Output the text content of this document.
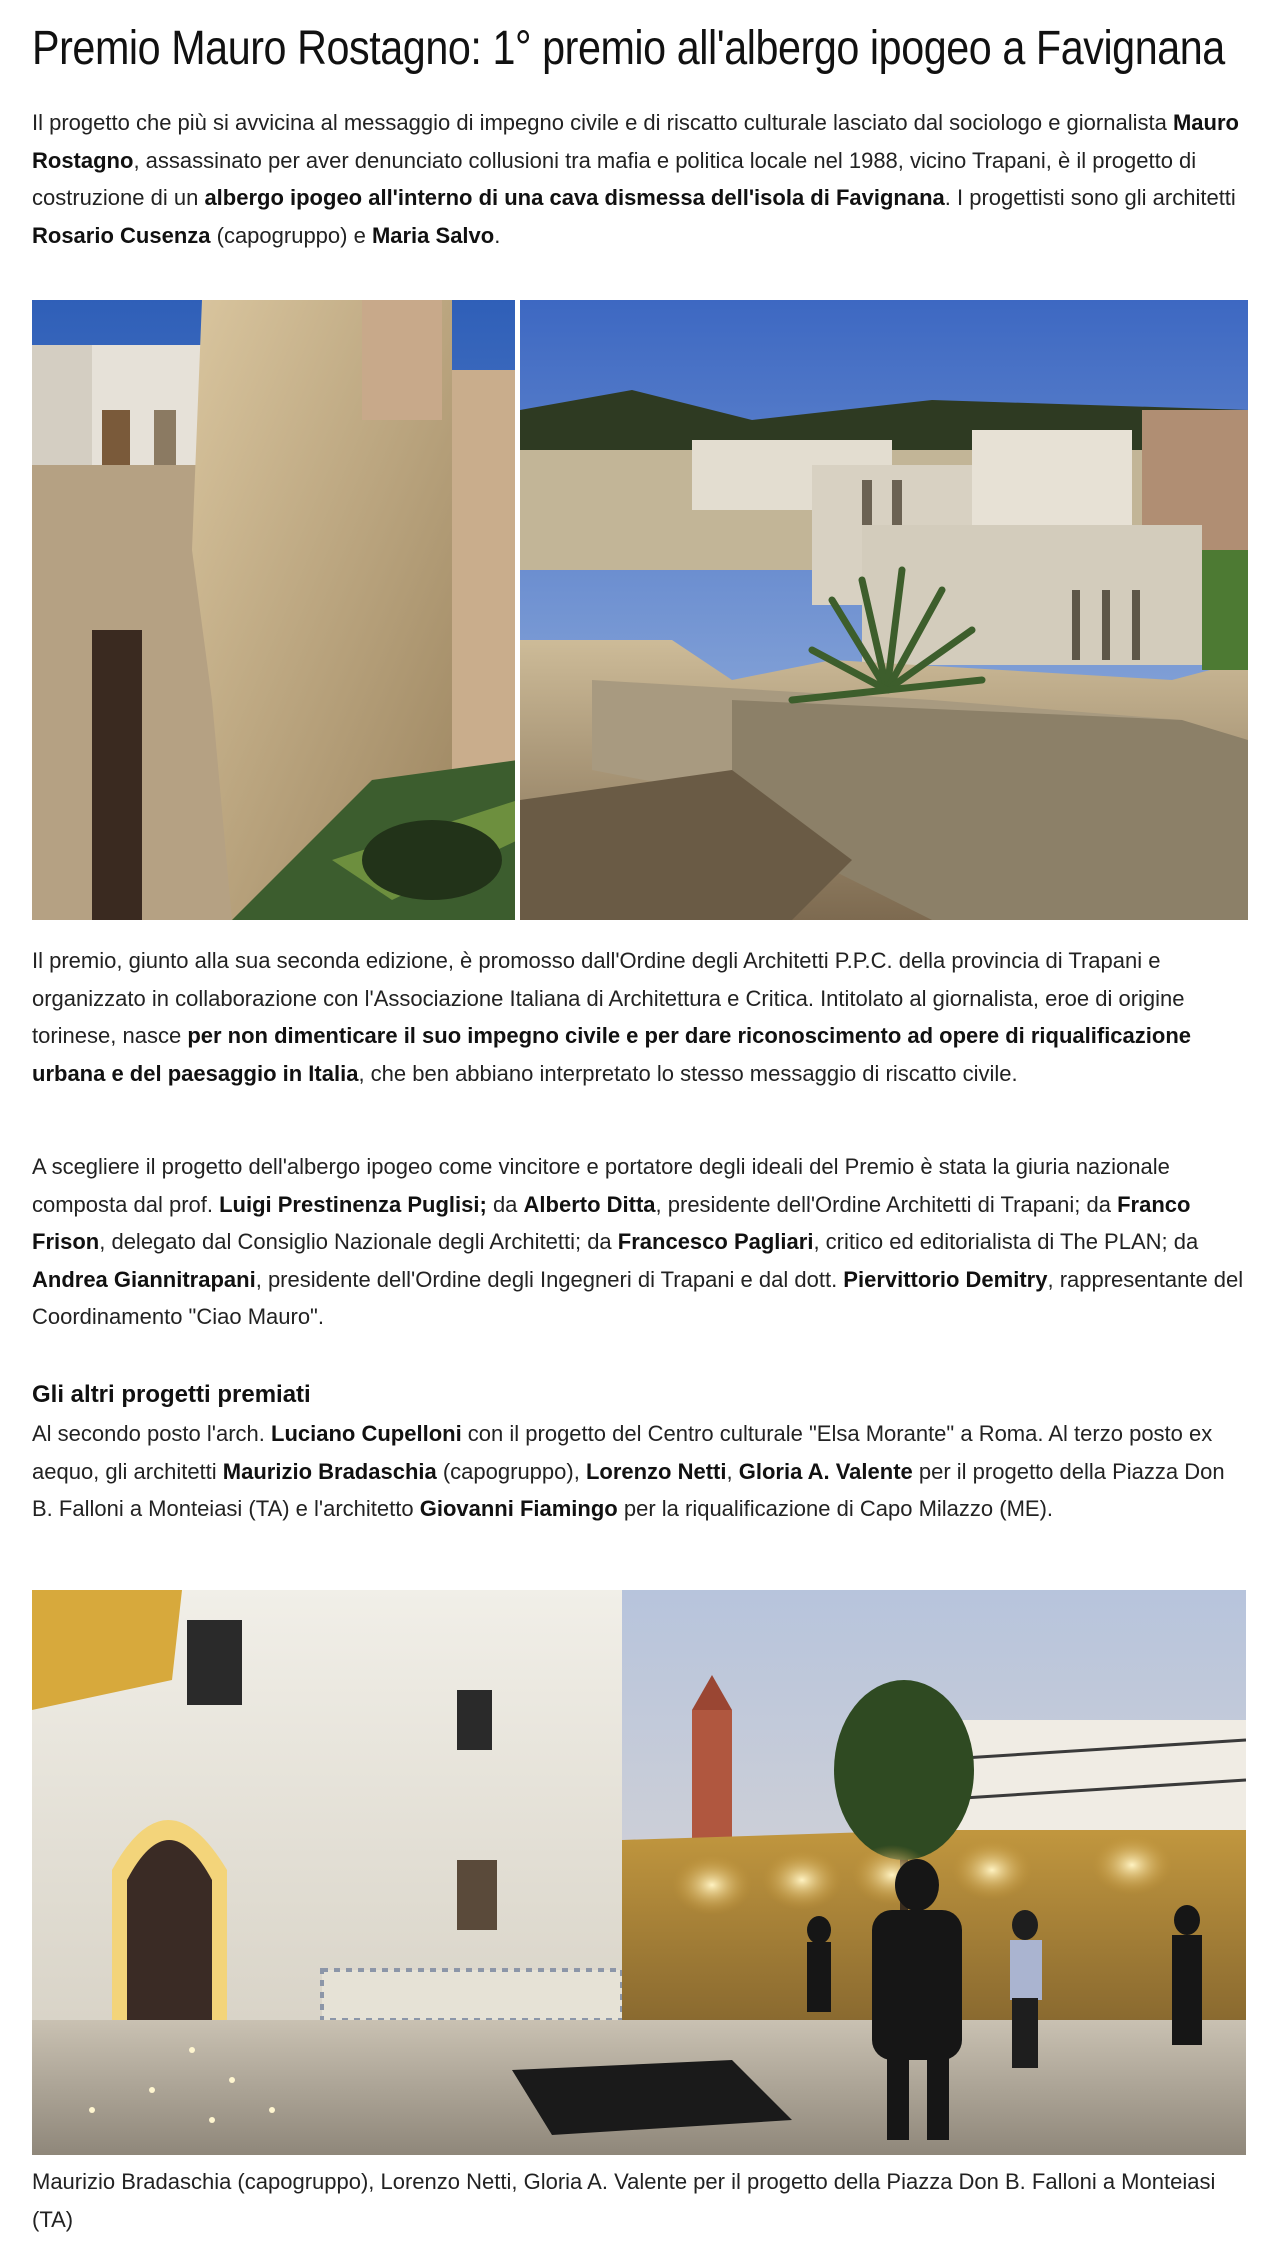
Premio Mauro Rostagno: 1° premio all'albergo ipogeo a Favignana

Il progetto che più si avvicina al messaggio di impegno civile e di riscatto culturale lasciato dal sociologo e giornalista Mauro Rostagno, assassinato per aver denunciato collusioni tra mafia e politica locale nel 1988, vicino Trapani, è il progetto di costruzione di un albergo ipogeo all'interno di una cava dismessa dell'isola di Favignana. I progettisti sono gli architetti Rosario Cusenza (capogruppo) e Maria Salvo.

Il premio, giunto alla sua seconda edizione, è promosso dall'Ordine degli Architetti P.P.C. della provincia di Trapani e organizzato in collaborazione con l'Associazione Italiana di Architettura e Critica. Intitolato al giornalista, eroe di origine torinese, nasce per non dimenticare il suo impegno civile e per dare riconoscimento ad opere di riqualificazione urbana e del paesaggio in Italia, che ben abbiano interpretato lo stesso messaggio di riscatto civile.

A scegliere il progetto dell'albergo ipogeo come vincitore e portatore degli ideali del Premio è stata la giuria nazionale composta dal prof. Luigi Prestinenza Puglisi; da Alberto Ditta, presidente dell'Ordine Architetti di Trapani; da Franco Frison, delegato dal Consiglio Nazionale degli Architetti; da Francesco Pagliari, critico ed editorialista di The PLAN; da Andrea Giannitrapani, presidente dell'Ordine degli Ingegneri di Trapani e dal dott. Piervittorio Demitry, rappresentante del Coordinamento "Ciao Mauro".

Gli altri progetti premiati

Al secondo posto l'arch. Luciano Cupelloni con il progetto del Centro culturale "Elsa Morante" a Roma. Al terzo posto ex aequo, gli architetti Maurizio Bradaschia (capogruppo), Lorenzo Netti, Gloria A. Valente per il progetto della Piazza Don B. Falloni a Monteiasi (TA) e l'architetto Giovanni Fiamingo per la riqualificazione di Capo Milazzo (ME).

Maurizio Bradaschia (capogruppo), Lorenzo Netti, Gloria A. Valente per il progetto della Piazza Don B. Falloni a Monteiasi (TA)
